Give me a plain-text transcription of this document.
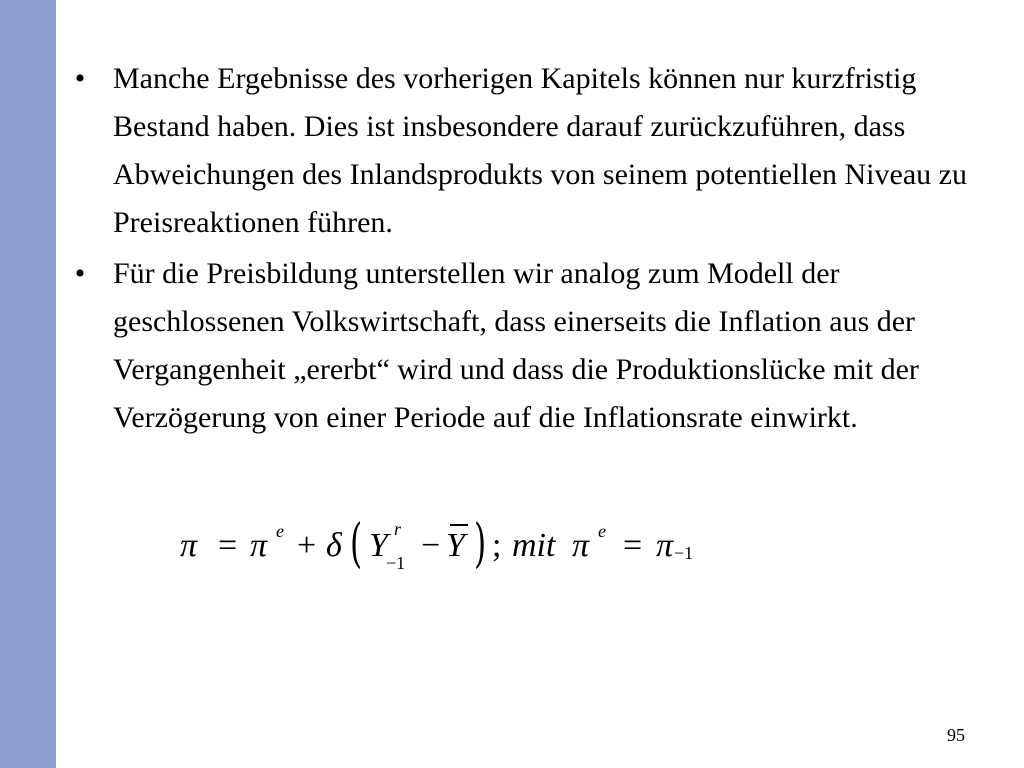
• Manche Ergebnisse des vorherigen Kapitels können nur kurzfristig Bestand haben. Dies ist insbesondere darauf zurückzuführen, dass Abweichungen des Inlandsprodukts von seinem potentiellen Niveau zu Preisreaktionen führen.
• Für die Preisbildung unterstellen wir analog zum Modell der geschlossenen Volkswirtschaft, dass einerseits die Inflation aus der Vergangenheit „ererbt“ wird und dass die Produktionslücke mit der Verzögerung von einer Periode auf die Inflationsrate einwirkt.
π = π e + δ ( Y r
−1 − Y ) ; mit π e = π −1
95
